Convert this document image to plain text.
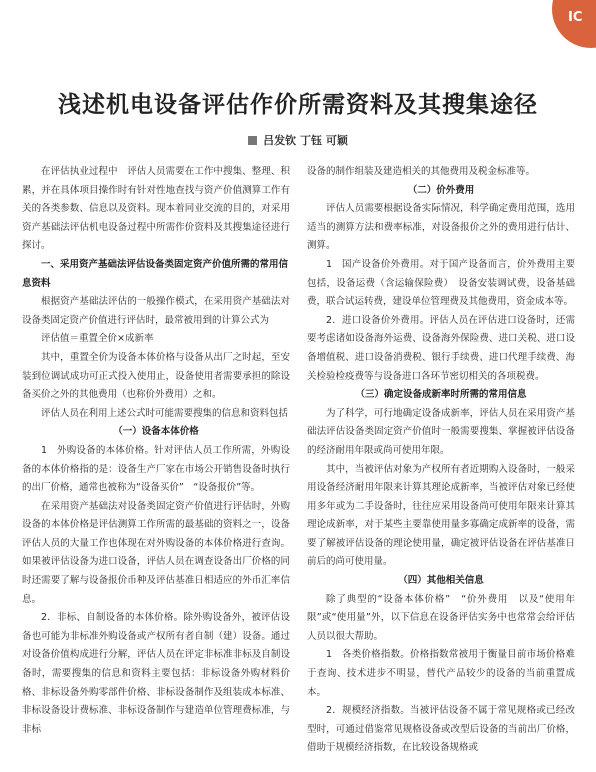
IC
浅述机电设备评估作价所需资料及其搜集途径
吕发钦 丁钰 可颖

在评估执业过程中　评估人员需要在工作中搜集、整理、积累，并在具体项目操作时有针对性地查找与资产价值测算工作有关的各类参数、信息以及资料。现本着同业交流的目的，对采用资产基础法评估机电设备过程中所需作价资料及其搜集途径进行探讨。

一、采用资产基础法评估设备类固定资产价值所需的常用信息资料

根据资产基础法评估的一般操作模式，在采用资产基础法对设备类固定资产价值进行评估时，最常被用到的计算公式为

评估值＝重置全价×成新率

其中，重置全价为设备本体价格与设备从出厂之时起，至安装到位调试成功可正式投入使用止，设备使用者需要承担的除设备买价之外的其他费用（也称价外费用）之和。

评估人员在利用上述公式时可能需要搜集的信息和资料包括

（一）设备本体价格

1　外购设备的本体价格。针对评估人员工作所需，外购设备的本体价格指的是：设备生产厂家在市场公开销售设备时执行的出厂价格，通常也被称为“设备买价”　“设备报价”等。

在采用资产基础法对设备类固定资产价值进行评估时，外购设备的本体价格是评估测算工作所需的最基础的资料之一，设备评估人员的大量工作也体现在对外购设备的本体价格进行查询。如果被评估设备为进口设备，评估人员在调查设备出厂价格的同时还需要了解与设备报价币种及评估基准日相适应的外币汇率信息。

2．非标、自制设备的本体价格。除外购设备外，被评估设备也可能为非标准外购设备或产权所有者自制（建）设备。通过对设备价值构成进行分解，评估人员在评定非标准非标及自制设备时，需要搜集的信息和资料主要包括：非标设备外购材料价格、非标设备外购零部件价格、非标设备制作及组装成本标准、非标设备设计费标准、非标设备制作与建造单位管理费标准，与非标

设备的制作组装及建造相关的其他费用及税金标准等。

（二）价外费用

评估人员需要根据设备实际情况，科学确定费用范围，选用适当的测算方法和费率标准，对设备报价之外的费用进行估计、测算。

1　国产设备价外费用。对于国产设备而言，价外费用主要包括，设备运费（含运输保险费）　设备安装调试费，设备基础费，联合试运转费，建设单位管理费及其他费用，资金成本等。

2．进口设备价外费用。评估人员在评估进口设备时，还需要考虑诸如设备海外运费、设备海外保险费、进口关税、进口设备增值税、进口设备消费税、银行手续费、进口代理手续费、海关检验检疫费等与设备进口各环节密切相关的各项税费。

（三）确定设备成新率时所需的常用信息

为了科学，可行地确定设备成新率，评估人员在采用资产基础法评估设备类固定资产价值时一般需要搜集、掌握被评估设备的经济耐用年限或尚可使用年限。

其中，当被评估对象为产权所有者近期购入设备时，一般采用设备经济耐用年限来计算其理论成新率，当被评估对象已经使用多年或为二手设备时，往往应采用设备尚可使用年限来计算其理论成新率，对于某些主要靠使用量多寡确定成新率的设备，需要了解被评估设备的理论使用量，确定被评估设备在评估基准日前后的尚可使用量。

（四）其他相关信息

除了典型的“设备本体价格”　“价外费用　以及“使用年限”或“使用量”外，以下信息在设备评估实务中也常常会给评估人员以很大帮助。

1　各类价格指数。价格指数常被用于衡量目前市场价格难于查询、技术进步不明显，替代产品较少的设备的当前重置成本。

2．规模经济指数。当被评估设备不属于常见规格或已经改型时，可通过借鉴常见规格设备或改型后设备的当前出厂价格，借助于规模经济指数，在比较设备规格或
